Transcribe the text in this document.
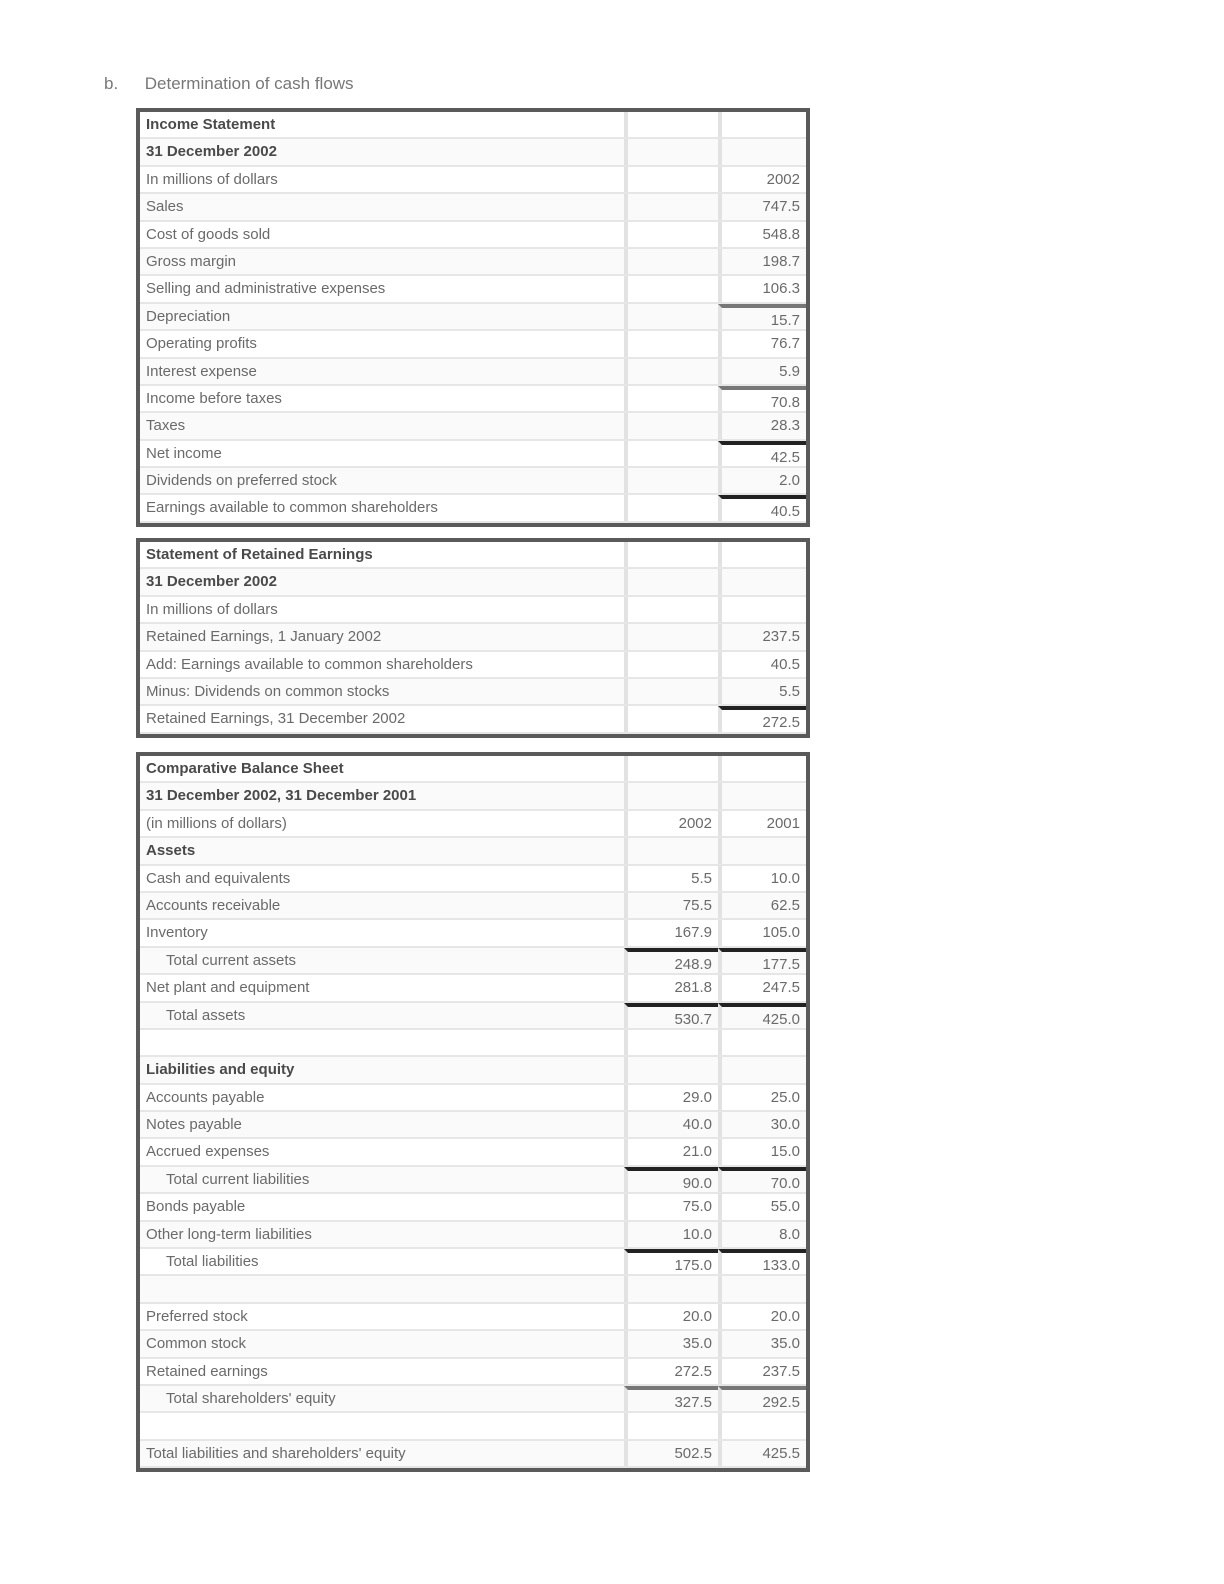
b. Determination of cash flows
Income Statement
31 December 2002
In millions of dollars	2002
Sales	747.5
Cost of goods sold	548.8
Gross margin	198.7
Selling and administrative expenses	106.3
Depreciation	15.7
Operating profits	76.7
Interest expense	5.9
Income before taxes	70.8
Taxes	28.3
Net income	42.5
Dividends on preferred stock	2.0
Earnings available to common shareholders	40.5
Statement of Retained Earnings
31 December 2002
In millions of dollars
Retained Earnings, 1 January 2002	237.5
Add: Earnings available to common shareholders	40.5
Minus: Dividends on common stocks	5.5
Retained Earnings, 31 December 2002	272.5
Comparative Balance Sheet
31 December 2002, 31 December 2001
(in millions of dollars)	2002	2001
Assets
Cash and equivalents	5.5	10.0
Accounts receivable	75.5	62.5
Inventory	167.9	105.0
Total current assets	248.9	177.5
Net plant and equipment	281.8	247.5
Total assets	530.7	425.0
Liabilities and equity
Accounts payable	29.0	25.0
Notes payable	40.0	30.0
Accrued expenses	21.0	15.0
Total current liabilities	90.0	70.0
Bonds payable	75.0	55.0
Other long-term liabilities	10.0	8.0
Total liabilities	175.0	133.0
Preferred stock	20.0	20.0
Common stock	35.0	35.0
Retained earnings	272.5	237.5
Total shareholders' equity	327.5	292.5
Total liabilities and shareholders' equity	502.5	425.5
